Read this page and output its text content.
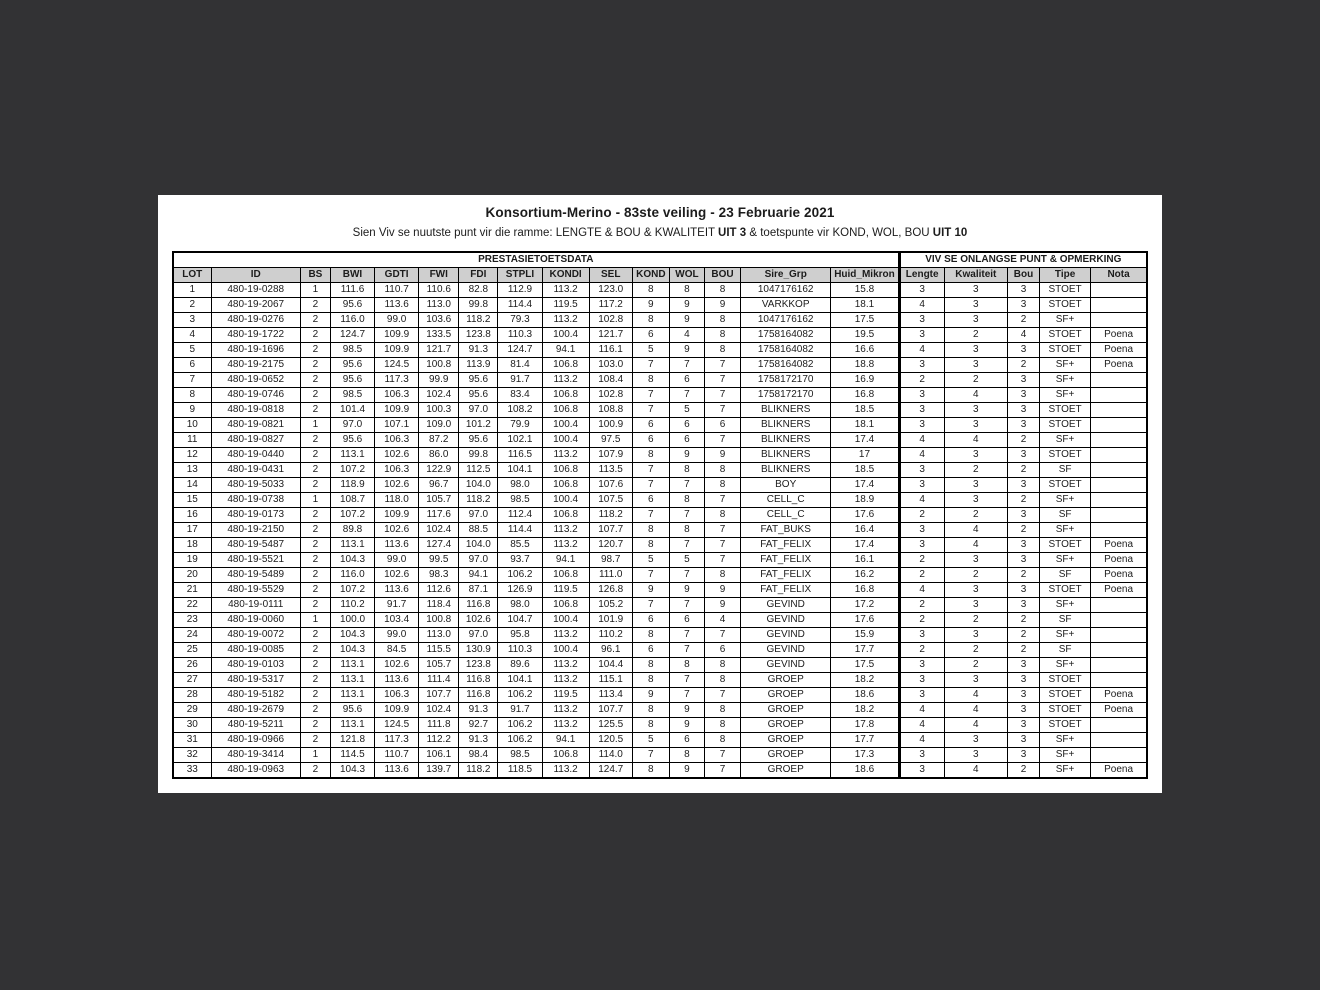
Konsortium-Merino - 83ste veiling - 23 Februarie 2021
Sien Viv se nuutste punt vir die ramme: LENGTE & BOU & KWALITEIT UIT 3 & toetspunte vir KOND, WOL, BOU UIT 10
PRESTASIETOETSDATA															VIV SE ONLANGSE PUNT & OPMERKING				
LOT	ID	BS	BWI	GDTI	FWI	FDI	STPLI	KONDI	SEL	KOND	WOL	BOU	Sire_Grp	Huid_Mikron	Lengte	Kwaliteit	Bou	Tipe	Nota
1	480-19-0288	1	111.6	110.7	110.6	82.8	112.9	113.2	123.0	8	8	8	1047176162	15.8	3	3	3	STOET	
2	480-19-2067	2	95.6	113.6	113.0	99.8	114.4	119.5	117.2	9	9	9	VARKKOP	18.1	4	3	3	STOET	
3	480-19-0276	2	116.0	99.0	103.6	118.2	79.3	113.2	102.8	8	9	8	1047176162	17.5	3	3	2	SF+	
4	480-19-1722	2	124.7	109.9	133.5	123.8	110.3	100.4	121.7	6	4	8	1758164082	19.5	3	2	4	STOET	Poena
5	480-19-1696	2	98.5	109.9	121.7	91.3	124.7	94.1	116.1	5	9	8	1758164082	16.6	4	3	3	STOET	Poena
6	480-19-2175	2	95.6	124.5	100.8	113.9	81.4	106.8	103.0	7	7	7	1758164082	18.8	3	3	2	SF+	Poena
7	480-19-0652	2	95.6	117.3	99.9	95.6	91.7	113.2	108.4	8	6	7	1758172170	16.9	2	2	3	SF+	
8	480-19-0746	2	98.5	106.3	102.4	95.6	83.4	106.8	102.8	7	7	7	1758172170	16.8	3	4	3	SF+	
9	480-19-0818	2	101.4	109.9	100.3	97.0	108.2	106.8	108.8	7	5	7	BLIKNERS	18.5	3	3	3	STOET	
10	480-19-0821	1	97.0	107.1	109.0	101.2	79.9	100.4	100.9	6	6	6	BLIKNERS	18.1	3	3	3	STOET	
11	480-19-0827	2	95.6	106.3	87.2	95.6	102.1	100.4	97.5	6	6	7	BLIKNERS	17.4	4	4	2	SF+	
12	480-19-0440	2	113.1	102.6	86.0	99.8	116.5	113.2	107.9	8	9	9	BLIKNERS	17	4	3	3	STOET	
13	480-19-0431	2	107.2	106.3	122.9	112.5	104.1	106.8	113.5	7	8	8	BLIKNERS	18.5	3	2	2	SF	
14	480-19-5033	2	118.9	102.6	96.7	104.0	98.0	106.8	107.6	7	7	8	BOY	17.4	3	3	3	STOET	
15	480-19-0738	1	108.7	118.0	105.7	118.2	98.5	100.4	107.5	6	8	7	CELL_C	18.9	4	3	2	SF+	
16	480-19-0173	2	107.2	109.9	117.6	97.0	112.4	106.8	118.2	7	7	8	CELL_C	17.6	2	2	3	SF	
17	480-19-2150	2	89.8	102.6	102.4	88.5	114.4	113.2	107.7	8	8	7	FAT_BUKS	16.4	3	4	2	SF+	
18	480-19-5487	2	113.1	113.6	127.4	104.0	85.5	113.2	120.7	8	7	7	FAT_FELIX	17.4	3	4	3	STOET	Poena
19	480-19-5521	2	104.3	99.0	99.5	97.0	93.7	94.1	98.7	5	5	7	FAT_FELIX	16.1	2	3	3	SF+	Poena
20	480-19-5489	2	116.0	102.6	98.3	94.1	106.2	106.8	111.0	7	7	8	FAT_FELIX	16.2	2	2	2	SF	Poena
21	480-19-5529	2	107.2	113.6	112.6	87.1	126.9	119.5	126.8	9	9	9	FAT_FELIX	16.8	4	3	3	STOET	Poena
22	480-19-0111	2	110.2	91.7	118.4	116.8	98.0	106.8	105.2	7	7	9	GEVIND	17.2	2	3	3	SF+	
23	480-19-0060	1	100.0	103.4	100.8	102.6	104.7	100.4	101.9	6	6	4	GEVIND	17.6	2	2	2	SF	
24	480-19-0072	2	104.3	99.0	113.0	97.0	95.8	113.2	110.2	8	7	7	GEVIND	15.9	3	3	2	SF+	
25	480-19-0085	2	104.3	84.5	115.5	130.9	110.3	100.4	96.1	6	7	6	GEVIND	17.7	2	2	2	SF	
26	480-19-0103	2	113.1	102.6	105.7	123.8	89.6	113.2	104.4	8	8	8	GEVIND	17.5	3	2	3	SF+	
27	480-19-5317	2	113.1	113.6	111.4	116.8	104.1	113.2	115.1	8	7	8	GROEP	18.2	3	3	3	STOET	
28	480-19-5182	2	113.1	106.3	107.7	116.8	106.2	119.5	113.4	9	7	7	GROEP	18.6	3	4	3	STOET	Poena
29	480-19-2679	2	95.6	109.9	102.4	91.3	91.7	113.2	107.7	8	9	8	GROEP	18.2	4	4	3	STOET	Poena
30	480-19-5211	2	113.1	124.5	111.8	92.7	106.2	113.2	125.5	8	9	8	GROEP	17.8	4	4	3	STOET	
31	480-19-0966	2	121.8	117.3	112.2	91.3	106.2	94.1	120.5	5	6	8	GROEP	17.7	4	3	3	SF+	
32	480-19-3414	1	114.5	110.7	106.1	98.4	98.5	106.8	114.0	7	8	7	GROEP	17.3	3	3	3	SF+	
33	480-19-0963	2	104.3	113.6	139.7	118.2	118.5	113.2	124.7	8	9	7	GROEP	18.6	3	4	2	SF+	Poena
